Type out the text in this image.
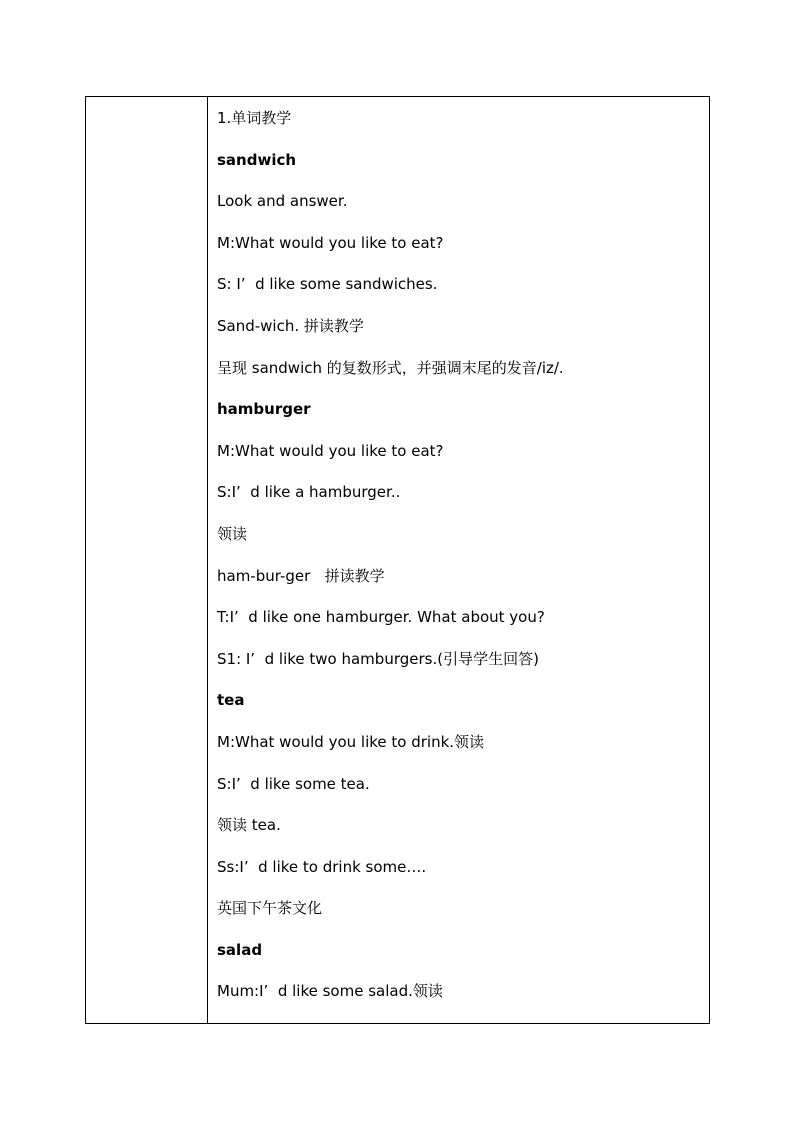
1.单词教学
sandwich
Look and answer.
M:What would you like to eat?
S: I’  d like some sandwiches.
Sand-wich. 拼读教学
呈现 sandwich 的复数形式，并强调末尾的发音/iz/.
hamburger
M:What would you like to eat?
S:I’  d like a hamburger..
领读
ham-bur-ger   拼读教学
T:I’  d like one hamburger. What about you?
S1: I’  d like two hamburgers.(引导学生回答)
tea
M:What would you like to drink.领读
S:I’  d like some tea.
领读 tea.
Ss:I’  d like to drink some….
英国下午茶文化
salad
Mum:I’  d like some salad.领读
